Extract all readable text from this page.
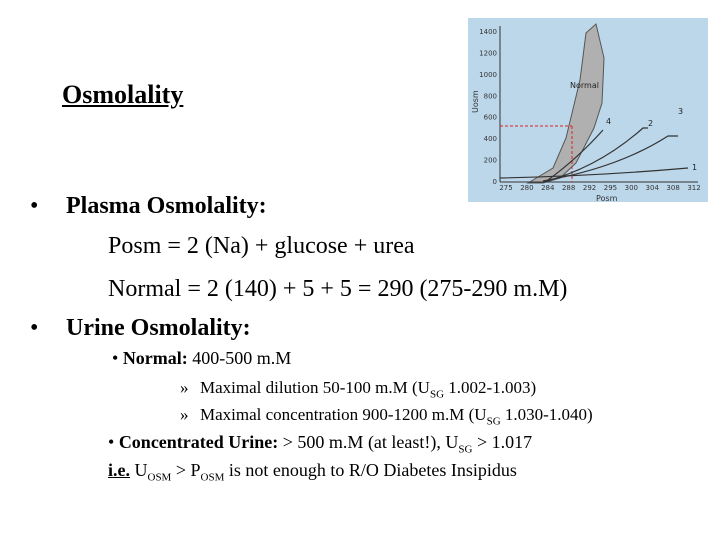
Osmolality
1400
1200
1000
800
600
400
200
0
275 280 284 288 292 295 300 304 308 312
Uosm
Posm
Normal
4	2
3
1
• Plasma Osmolality:
Posm = 2 (Na) + glucose + urea
Normal = 2 (140) + 5 + 5 = 290 (275-290 m.M)
• Urine Osmolality:
• Normal: 400-500 m.M
» Maximal dilution 50-100 m.M ($U_{SG}$ 1.002-1.003)
» Maximal concentration 900-1200 m.M ($U_{SG}$ 1.030-1.040)
• Concentrated Urine: > 500 m.M (at least!), $U_{SG} > 1.017$
i.e. $U_{OSM} > P_{OSM}$ is not enough to R/O Diabetes Insipidus
